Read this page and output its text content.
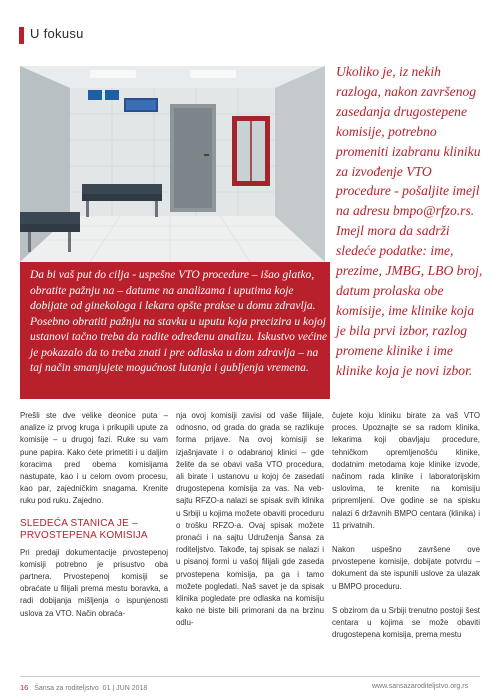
U fokusu

Ukoliko je, iz nekih razloga, nakon završenog zasedanja drugostepene komisije, potrebno promeniti izabranu kliniku za izvođenje VTO procedure - pošaljite imejl na adresu bmpo@rfzo.rs. Imejl mora da sadrži sledeće podatke: ime, prezime, JMBG, LBO broj, datum prolaska obe komisije, ime klinike koja je bila prvi izbor, razlog promene klinike i ime klinike koja je novi izbor.

Da bi vaš put do cilja - uspešne VTO procedure – išao glatko, obratite pažnju na – datume na analizama i uputima koje dobijate od ginekologa i lekara opšte prakse u domu zdravlja. Posebno obratiti pažnju na stavku u uputu koja precizira u kojoj ustanovi tačno treba da radite određenu analizu. Iskustvo većine je pokazalo da to treba znati i pre odlaska u dom zdravlja – na taj način smanjujete mogućnost lutanja i gubljenja vremena.

Prešli ste dve velike deonice puta – analize iz prvog kruga i prikupili uputе za komisije – u drugoj fazi. Ruke su vam pune papira. Kako ćete primetiti i u daljim koracima pred obema komisijama nastupate, kao i u celom ovom procesu, kao par, zajedničkim snagama. Krenite ruku pod ruku. Zajedno.

SLEDEĆA STANICA JE – PRVOSTEPENA KOMISIJA

Pri predaji dokumentacije prvostepenoj komisiji potrebno je prisustvo oba partnera. Prvostepenoj komisiji se obraćate u filijali prema mestu boravka, a radi dobijanja mišljenja o ispunjenosti uslova za VTO. Način obraća-

nja ovoj komisiji zavisi od vaše filijale, odnosno, od grada do grada se razlikuje forma prijave. Na ovoj komisiji se izjašnjavate i o odabranoj klinici – gde želite da se obavi vaša VTO procedura, ali birate i ustanovu u kojoj će zasedati drugostepena komisija za vas. Na veb-sajtu RFZO-a nalazi se spisak svih klinika u Srbiji u kojima možete obaviti proceduru o trošku RFZO-a. Ovaj spisak možete pronaći i na sajtu Udruženja Šansa za roditeljstvo. Takođe, taj spisak se nalazi i u pisanoj formi u vašoj filijali gde zaseda prvostepena komisija, pa ga i tamo možete pogledati. Naš savet je da spisak klinika pogledate pre odlaska na komisiju kako ne biste bili primorani da na brzinu odlu-

čujete koju kliniku birate za vaš VTO proces. Upoznajte se sa radom klinika, lekarima koji obavljaju procedure, tehničkom opremljenošću klinike, dodatnim metodama koje klinike izvode, načinom rada klinike i laboratorijskim uslovima, te krenite na komisiju pripremljeni. Ove godine se na spisku nalazi 6 državnih BMPO centara (klinika) i 11 privatnih.

Nakon uspešno završene ove prvostepene komisije, dobijate potvrdu – dokument da ste ispunili uslove za ulazak u BMPO proceduru.

S obzirom da u Srbiji trenutno postoji šest centara u kojima se može obaviti drugostepena komisija, prema mestu

16 Šansa za roditeljstvo 01 | JUN 2018	www.sansazaroditeljstvo.org.rs
